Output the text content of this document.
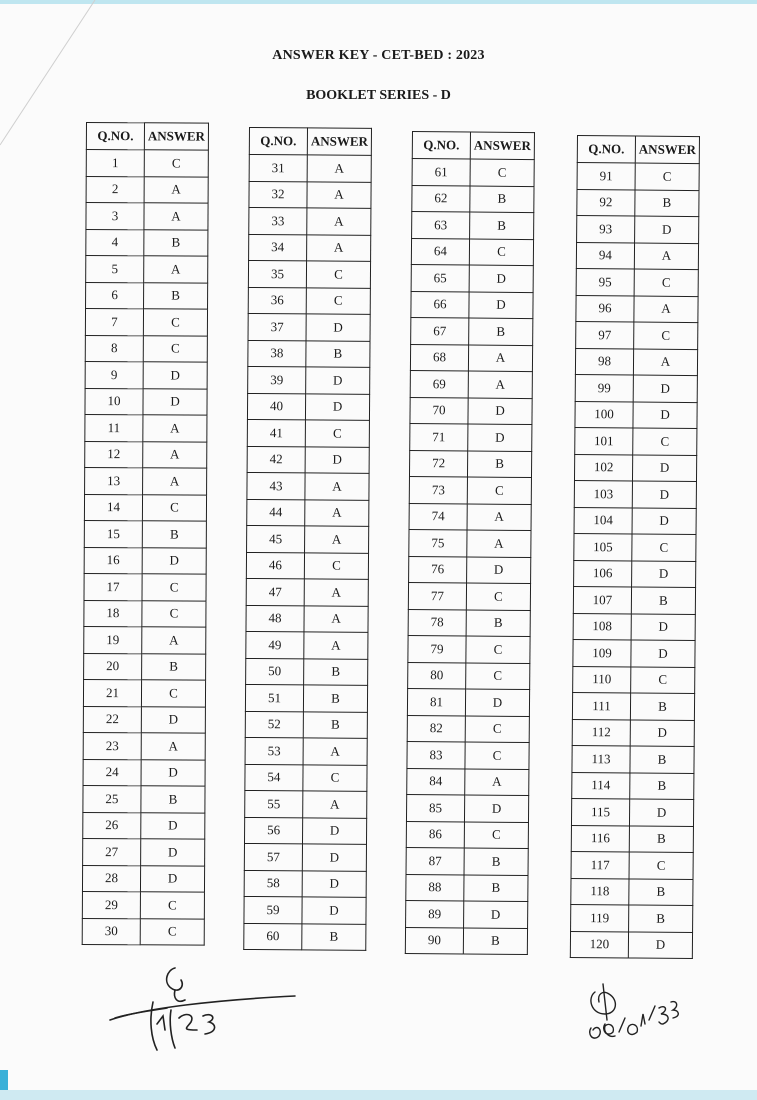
ANSWER KEY - CET-BED : 2023
BOOKLET SERIES - D
Q.NO.	ANSWER
1	C
2	A
3	A
4	B
5	A
6	B
7	C
8	C
9	D
10	D
11	A
12	A
13	A
14	C
15	B
16	D
17	C
18	C
19	A
20	B
21	C
22	D
23	A
24	D
25	B
26	D
27	D
28	D
29	C
30	C
Q.NO.	ANSWER
31	A
32	A
33	A
34	A
35	C
36	C
37	D
38	B
39	D
40	D
41	C
42	D
43	A
44	A
45	A
46	C
47	A
48	A
49	A
50	B
51	B
52	B
53	A
54	C
55	A
56	D
57	D
58	D
59	D
60	B
Q.NO.	ANSWER
61	C
62	B
63	B
64	C
65	D
66	D
67	B
68	A
69	A
70	D
71	D
72	B
73	C
74	A
75	A
76	D
77	C
78	B
79	C
80	C
81	D
82	C
83	C
84	A
85	D
86	C
87	B
88	B
89	D
90	B
Q.NO.	ANSWER
91	C
92	B
93	D
94	A
95	C
96	A
97	C
98	A
99	D
100	D
101	C
102	D
103	D
104	D
105	C
106	D
107	B
108	D
109	D
110	C
111	B
112	D
113	B
114	B
115	D
116	B
117	C
118	B
119	B
120	D
8/4/23
08/04/23
